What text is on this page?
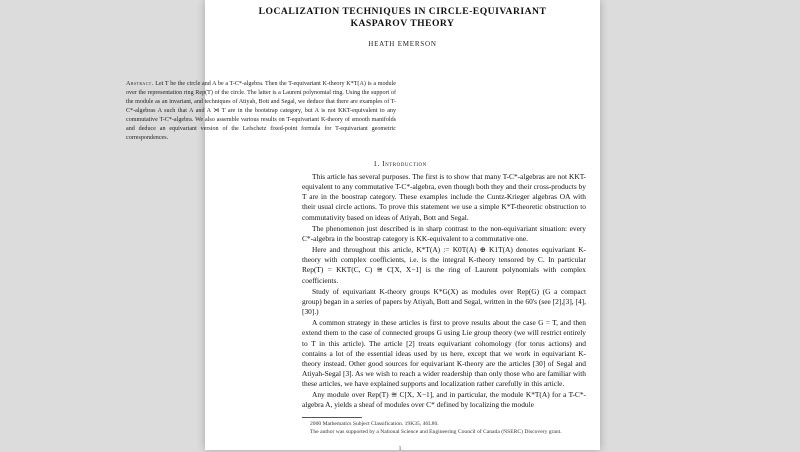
LOCALIZATION TECHNIQUES IN CIRCLE-EQUIVARIANT
KASPAROV THEORY
HEATH EMERSON
Abstract. Let T be the circle and A be a T-C*-algebra. Then the T-equivariant K-theory K*T(A) is a module over the representation ring Rep(T) of the circle. The latter is a Laurent polynomial ring. Using the support of the module as an invariant, and techniques of Atiyah, Bott and Segal, we deduce that there are examples of T-C*-algebras A such that A and A ⋊ T are in the bootstrap category, but A is not KKT-equivalent to any commutative T-C*-algebra. We also assemble various results on T-equivariant K-theory of smooth manifolds and deduce an equivariant version of the Lefschetz fixed-point formula for T-equivariant geometric correspondences.
1. Introduction

This article has several purposes. The first is to show that many T-C*-algebras are not KKT-equivalent to any commutative T-C*-algebra, even though both they and their cross-products by T are in the boostrap category. These examples include the Cuntz-Krieger algebras OA with their usual circle actions. To prove this statement we use a simple K*T-theoretic obstruction to commutativity based on ideas of Atiyah, Bott and Segal.

The phenomenon just described is in sharp contrast to the non-equivariant situation: every C*-algebra in the boostrap category is KK-equivalent to a commutative one.

Here and throughout this article, K*T(A) := K0T(A) ⊕ K1T(A) denotes equivariant K-theory with complex coefficients, i.e. is the integral K-theory tensored by C. In particular Rep(T) = KKT(C, C) ≅ C[X, X−1] is the ring of Laurent polynomials with complex coefficients.

Study of equivariant K-theory groups K*G(X) as modules over Rep(G) (G a compact group) began in a series of papers by Atiyah, Bott and Segal, written in the 60's (see [2],[3], [4],[30].)

A common strategy in these articles is first to prove results about the case G = T, and then extend them to the case of connected groups G using Lie group theory (we will restrict entirely to T in this article). The article [2] treats equivariant cohomology (for torus actions) and contains a lot of the essential ideas used by us here, except that we work in equivariant K-theory instead. Other good sources for equivariant K-theory are the articles [30] of Segal and Atiyah-Segal [3]. As we wish to reach a wider readership than only those who are familiar with these articles, we have explained supports and localization rather carefully in this article.

Any module over Rep(T) ≅ C[X, X−1], and in particular, the module K*T(A) for a T-C*-algebra A, yields a sheaf of modules over C* defined by localizing the module

2000 Mathematics Subject Classification. 19K35, 46L80.

The author was supported by a National Science and Engineering Council of Canada (NSERC) Discovery grant.

1
